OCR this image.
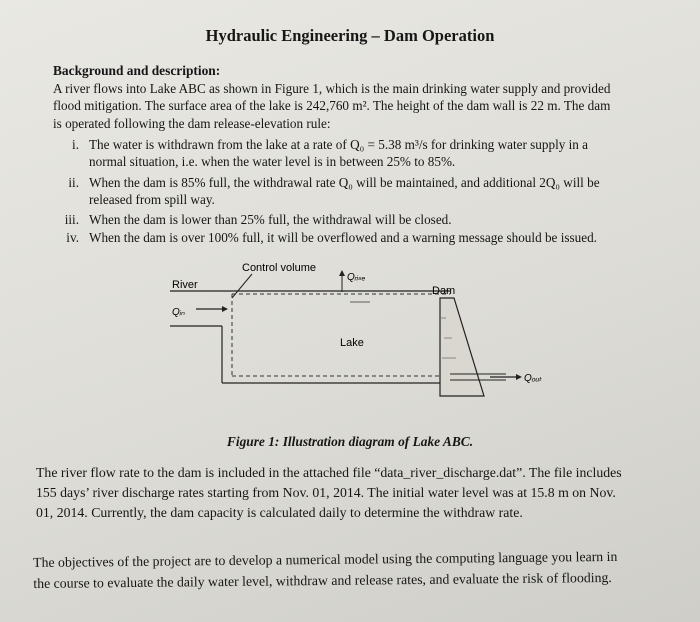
Hydraulic Engineering – Dam Operation
Background and description:
A river flows into Lake ABC as shown in Figure 1, which is the main drinking water supply and provided
flood mitigation. The surface area of the lake is 242,760 m². The height of the dam wall is 22 m. The dam
is operated following the dam release-elevation rule:
i. The water is withdrawn from the lake at a rate of Q₀ = 5.38 m³/s for drinking water supply in a
normal situation, i.e. when the water level is in between 25% to 85%.
ii. When the dam is 85% full, the withdrawal rate Q₀ will be maintained, and additional 2Q₀ will be
released from spill way.
iii. When the dam is lower than 25% full, the withdrawal will be closed.
iv. When the dam is over 100% full, it will be overflowed and a warning message should be issued.
Control volume
River
Qᵢₙ
Qᵣᵢₛₑ
Lake
Dam
Qₒᵤₜ
Figure 1: Illustration diagram of Lake ABC.
The river flow rate to the dam is included in the attached file “data_river_discharge.dat”. The file includes
155 days’ river discharge rates starting from Nov. 01, 2014. The initial water level was at 15.8 m on Nov.
01, 2014. Currently, the dam capacity is calculated daily to determine the withdraw rate.
The objectives of the project are to develop a numerical model using the computing language you learn in
the course to evaluate the daily water level, withdraw and release rates, and evaluate the risk of flooding.
